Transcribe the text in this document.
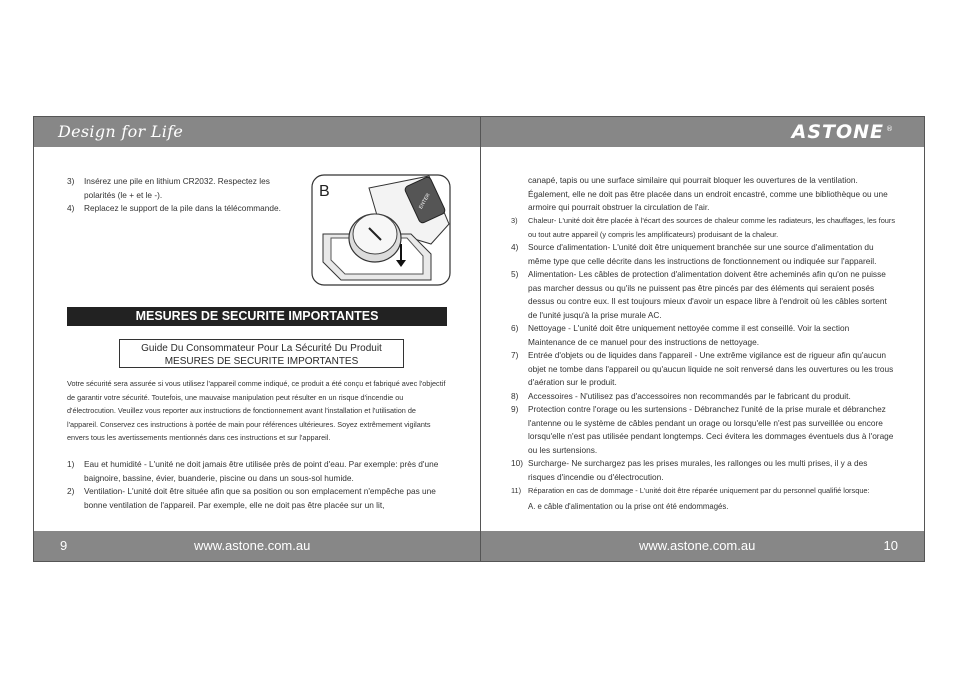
Design for Life
3) Insérez une pile en lithium CR2032. Respectez les polarités (le + et le -).
4) Replacez le support de la pile dans la télécommande.	ENTER
B
MESURES DE SECURITE IMPORTANTES
Guide Du Consommateur Pour La Sécurité Du Produit
MESURES DE SECURITE IMPORTANTES

Votre sécurité sera assurée si vous utilisez l'appareil comme indiqué, ce produit a été conçu et fabriqué avec l'objectif de garantir votre sécurité. Toutefois, une mauvaise manipulation peut résulter en un risque d'incendie ou d'électrocution. Veuillez vous reporter aux instructions de fonctionnement avant l'installation et l'utilisation de l'appareil. Conservez ces instructions à portée de main pour références ultérieures. Soyez extrêmement vigilants envers tous les avertissements mentionnés dans ces instructions et sur l'appareil.

1) Eau et humidité - L'unité ne doit jamais être utilisée près de point d'eau. Par exemple: près d'une baignoire, bassine, évier, buanderie, piscine ou dans un sous-sol humide.
2) Ventilation- L'unité doit être située afin que sa position ou son emplacement n'empêche pas une bonne ventilation de l'appareil. Par exemple, elle ne doit pas être placée sur un lit,
9	www.astone.com.au
ASTONE ®

canapé, tapis ou une surface similaire qui pourrait bloquer les ouvertures de la ventilation. Également, elle ne doit pas être placée dans un endroit encastré, comme une bibliothèque ou une armoire qui pourrait obstruer la circulation de l'air.

3) Chaleur- L'unité doit être placée à l'écart des sources de chaleur comme les radiateurs, les chauffages, les fours ou tout autre appareil (y compris les amplificateurs) produisant de la chaleur.
4) Source d'alimentation- L'unité doit être uniquement branchée sur une source d'alimentation du même type que celle décrite dans les instructions de fonctionnement ou indiquée sur l'appareil.
5) Alimentation- Les câbles de protection d'alimentation doivent être acheminés afin qu'on ne puisse pas marcher dessus ou qu'ils ne puissent pas être pincés par des éléments qui seraient posés dessus ou contre eux. Il est toujours mieux d'avoir un espace libre à l'endroit où les câbles sortent de l'unité jusqu'à la prise murale AC.
6) Nettoyage - L'unité doit être uniquement nettoyée comme il est conseillé. Voir la section Maintenance de ce manuel pour des instructions de nettoyage.
7) Entrée d'objets ou de liquides dans l'appareil - Une extrême vigilance est de rigueur afin qu'aucun objet ne tombe dans l'appareil ou qu'aucun liquide ne soit renversé dans les ouvertures ou les trous d'aération sur le produit.
8) Accessoires - N'utilisez pas d'accessoires non recommandés par le fabricant du produit.
9) Protection contre l'orage ou les surtensions - Débranchez l'unité de la prise murale et débranchez l'antenne ou le système de câbles pendant un orage ou lorsqu'elle n'est pas surveillée ou encore lorsqu'elle n'est pas utilisée pendant longtemps. Ceci évitera les dommages éventuels dus à l'orage ou les surtensions.
10) Surcharge- Ne surchargez pas les prises murales, les rallonges ou les multi prises, il y a des risques d'incendie ou d'électrocution.
11) Réparation en cas de dommage - L'unité doit être réparée uniquement par du personnel qualifié lorsque:
A. e câble d'alimentation ou la prise ont été endommagés.
www.astone.com.au	10
